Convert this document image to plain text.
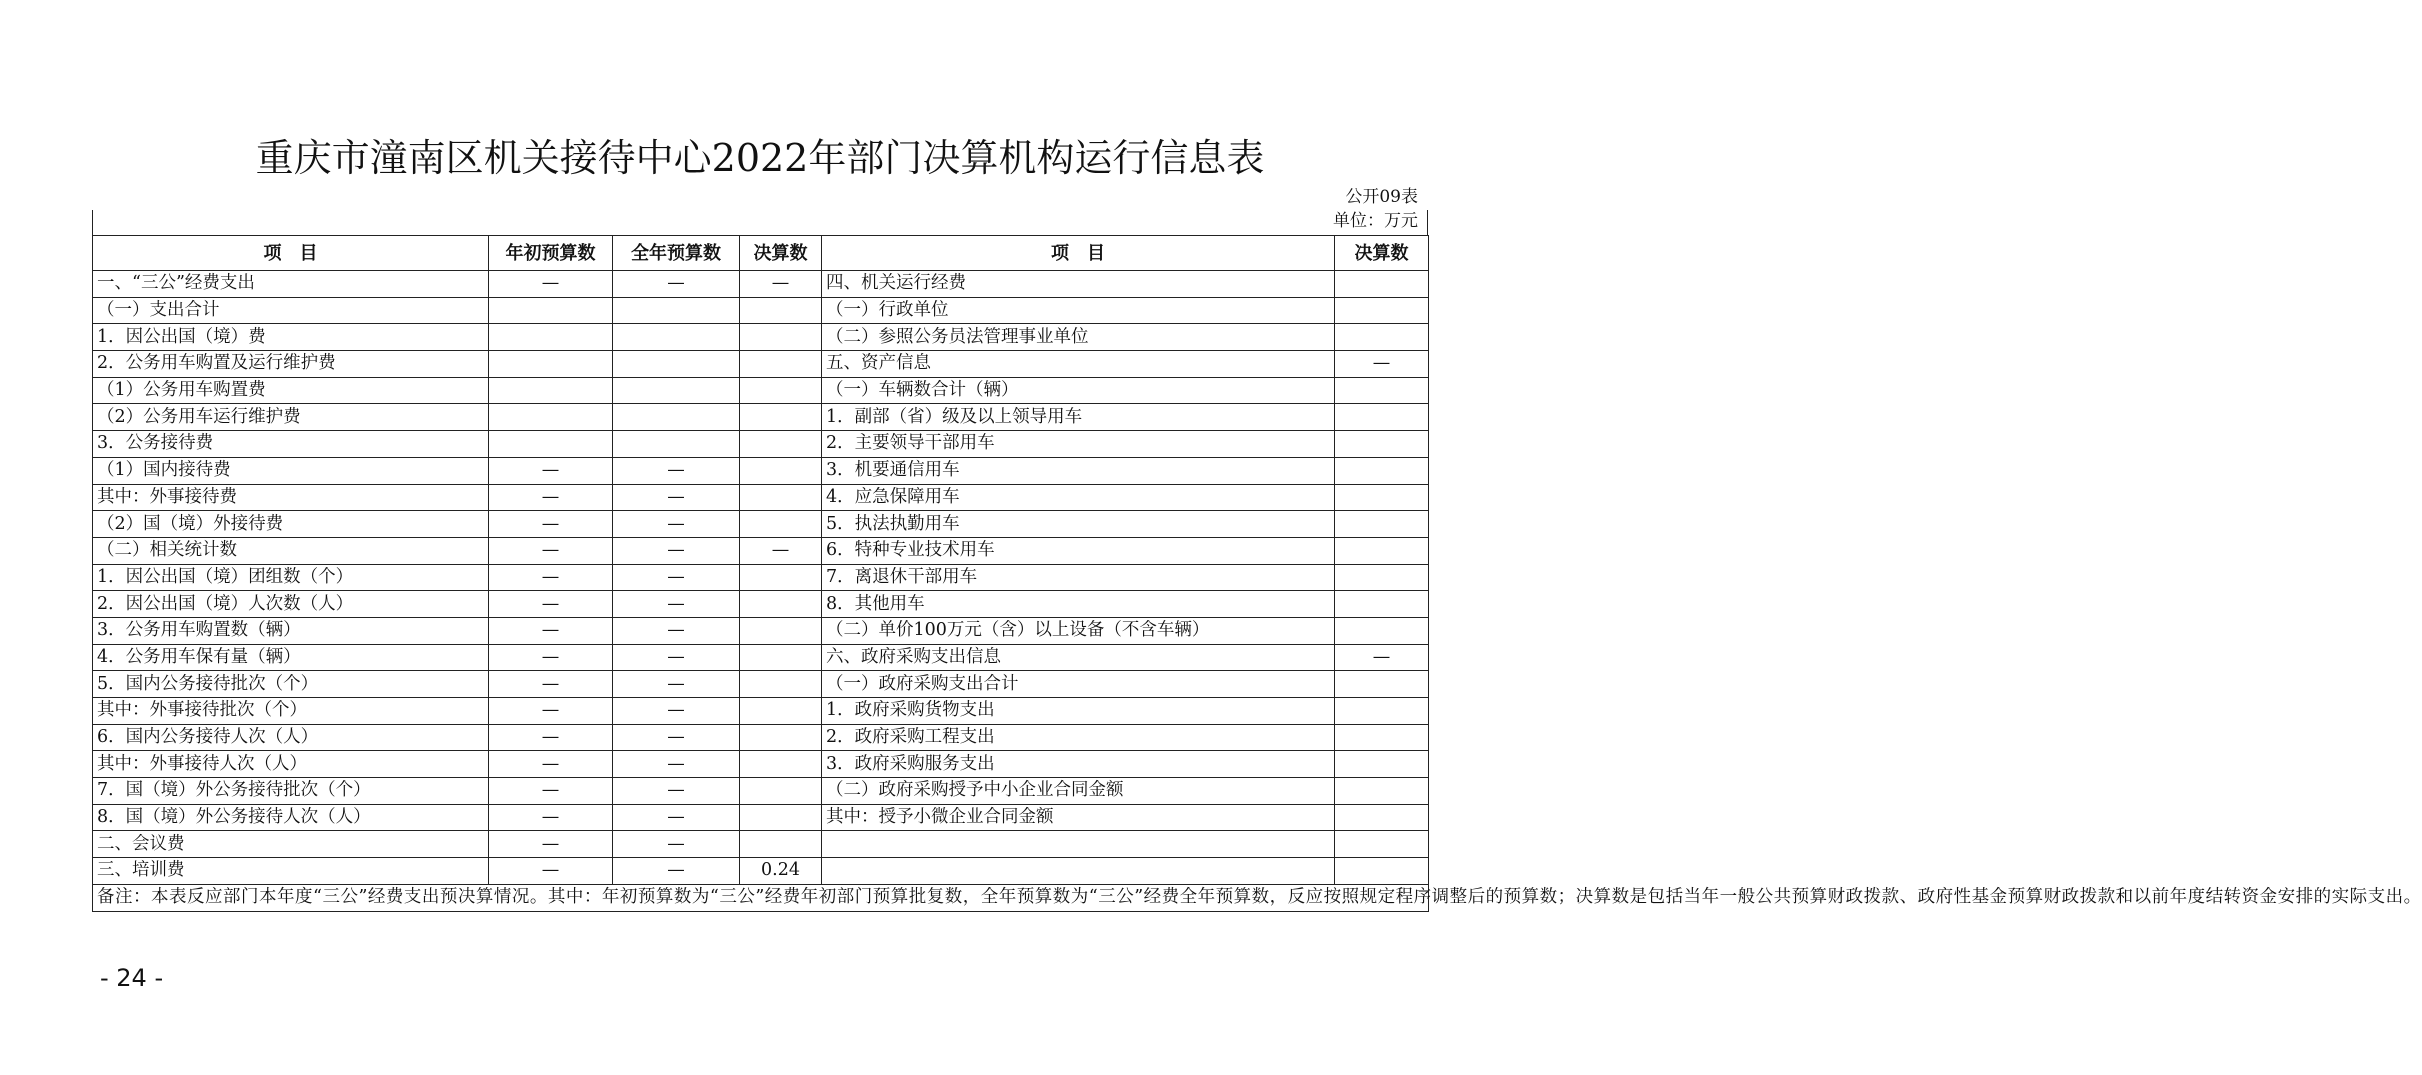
重庆市潼南区机关接待中心2022年部门决算机构运行信息表
公开09表
单位：万元
项　目	年初预算数	全年预算数	决算数	项　目	决算数
一、“三公”经费支出	—	—	—	四、机关运行经费	
（一）支出合计				（一）行政单位	
1．因公出国（境）费				（二）参照公务员法管理事业单位	
2．公务用车购置及运行维护费				五、资产信息	—
（1）公务用车购置费				（一）车辆数合计（辆）	
（2）公务用车运行维护费				1．副部（省）级及以上领导用车	
3．公务接待费				2．主要领导干部用车	
（1）国内接待费	—	—		3．机要通信用车	
其中：外事接待费	—	—		4．应急保障用车	
（2）国（境）外接待费	—	—		5．执法执勤用车	
（二）相关统计数	—	—	—	6．特种专业技术用车	
1．因公出国（境）团组数（个）	—	—		7．离退休干部用车	
2．因公出国（境）人次数（人）	—	—		8．其他用车	
3．公务用车购置数（辆）	—	—		（二）单价100万元（含）以上设备（不含车辆）	
4．公务用车保有量（辆）	—	—		六、政府采购支出信息	—
5．国内公务接待批次（个）	—	—		（一）政府采购支出合计	
其中：外事接待批次（个）	—	—		1．政府采购货物支出	
6．国内公务接待人次（人）	—	—		2．政府采购工程支出	
其中：外事接待人次（人）	—	—		3．政府采购服务支出	
7．国（境）外公务接待批次（个）	—	—		（二）政府采购授予中小企业合同金额	
8．国（境）外公务接待人次（人）	—	—		其中：授予小微企业合同金额	
二、会议费	—	—			
三、培训费	—	—	0.24		
备注：本表反应部门本年度“三公”经费支出预决算情况。其中：年初预算数为“三公”经费年初部门预算批复数，全年预算数为“三公”经费全年预算数，反应按照规定程序调整后的预算数；决算数是包括当年一般公共预算财政拨款、政府性基金预算财政拨款和以前年度结转资金安排的实际支出。					
- 24 -
